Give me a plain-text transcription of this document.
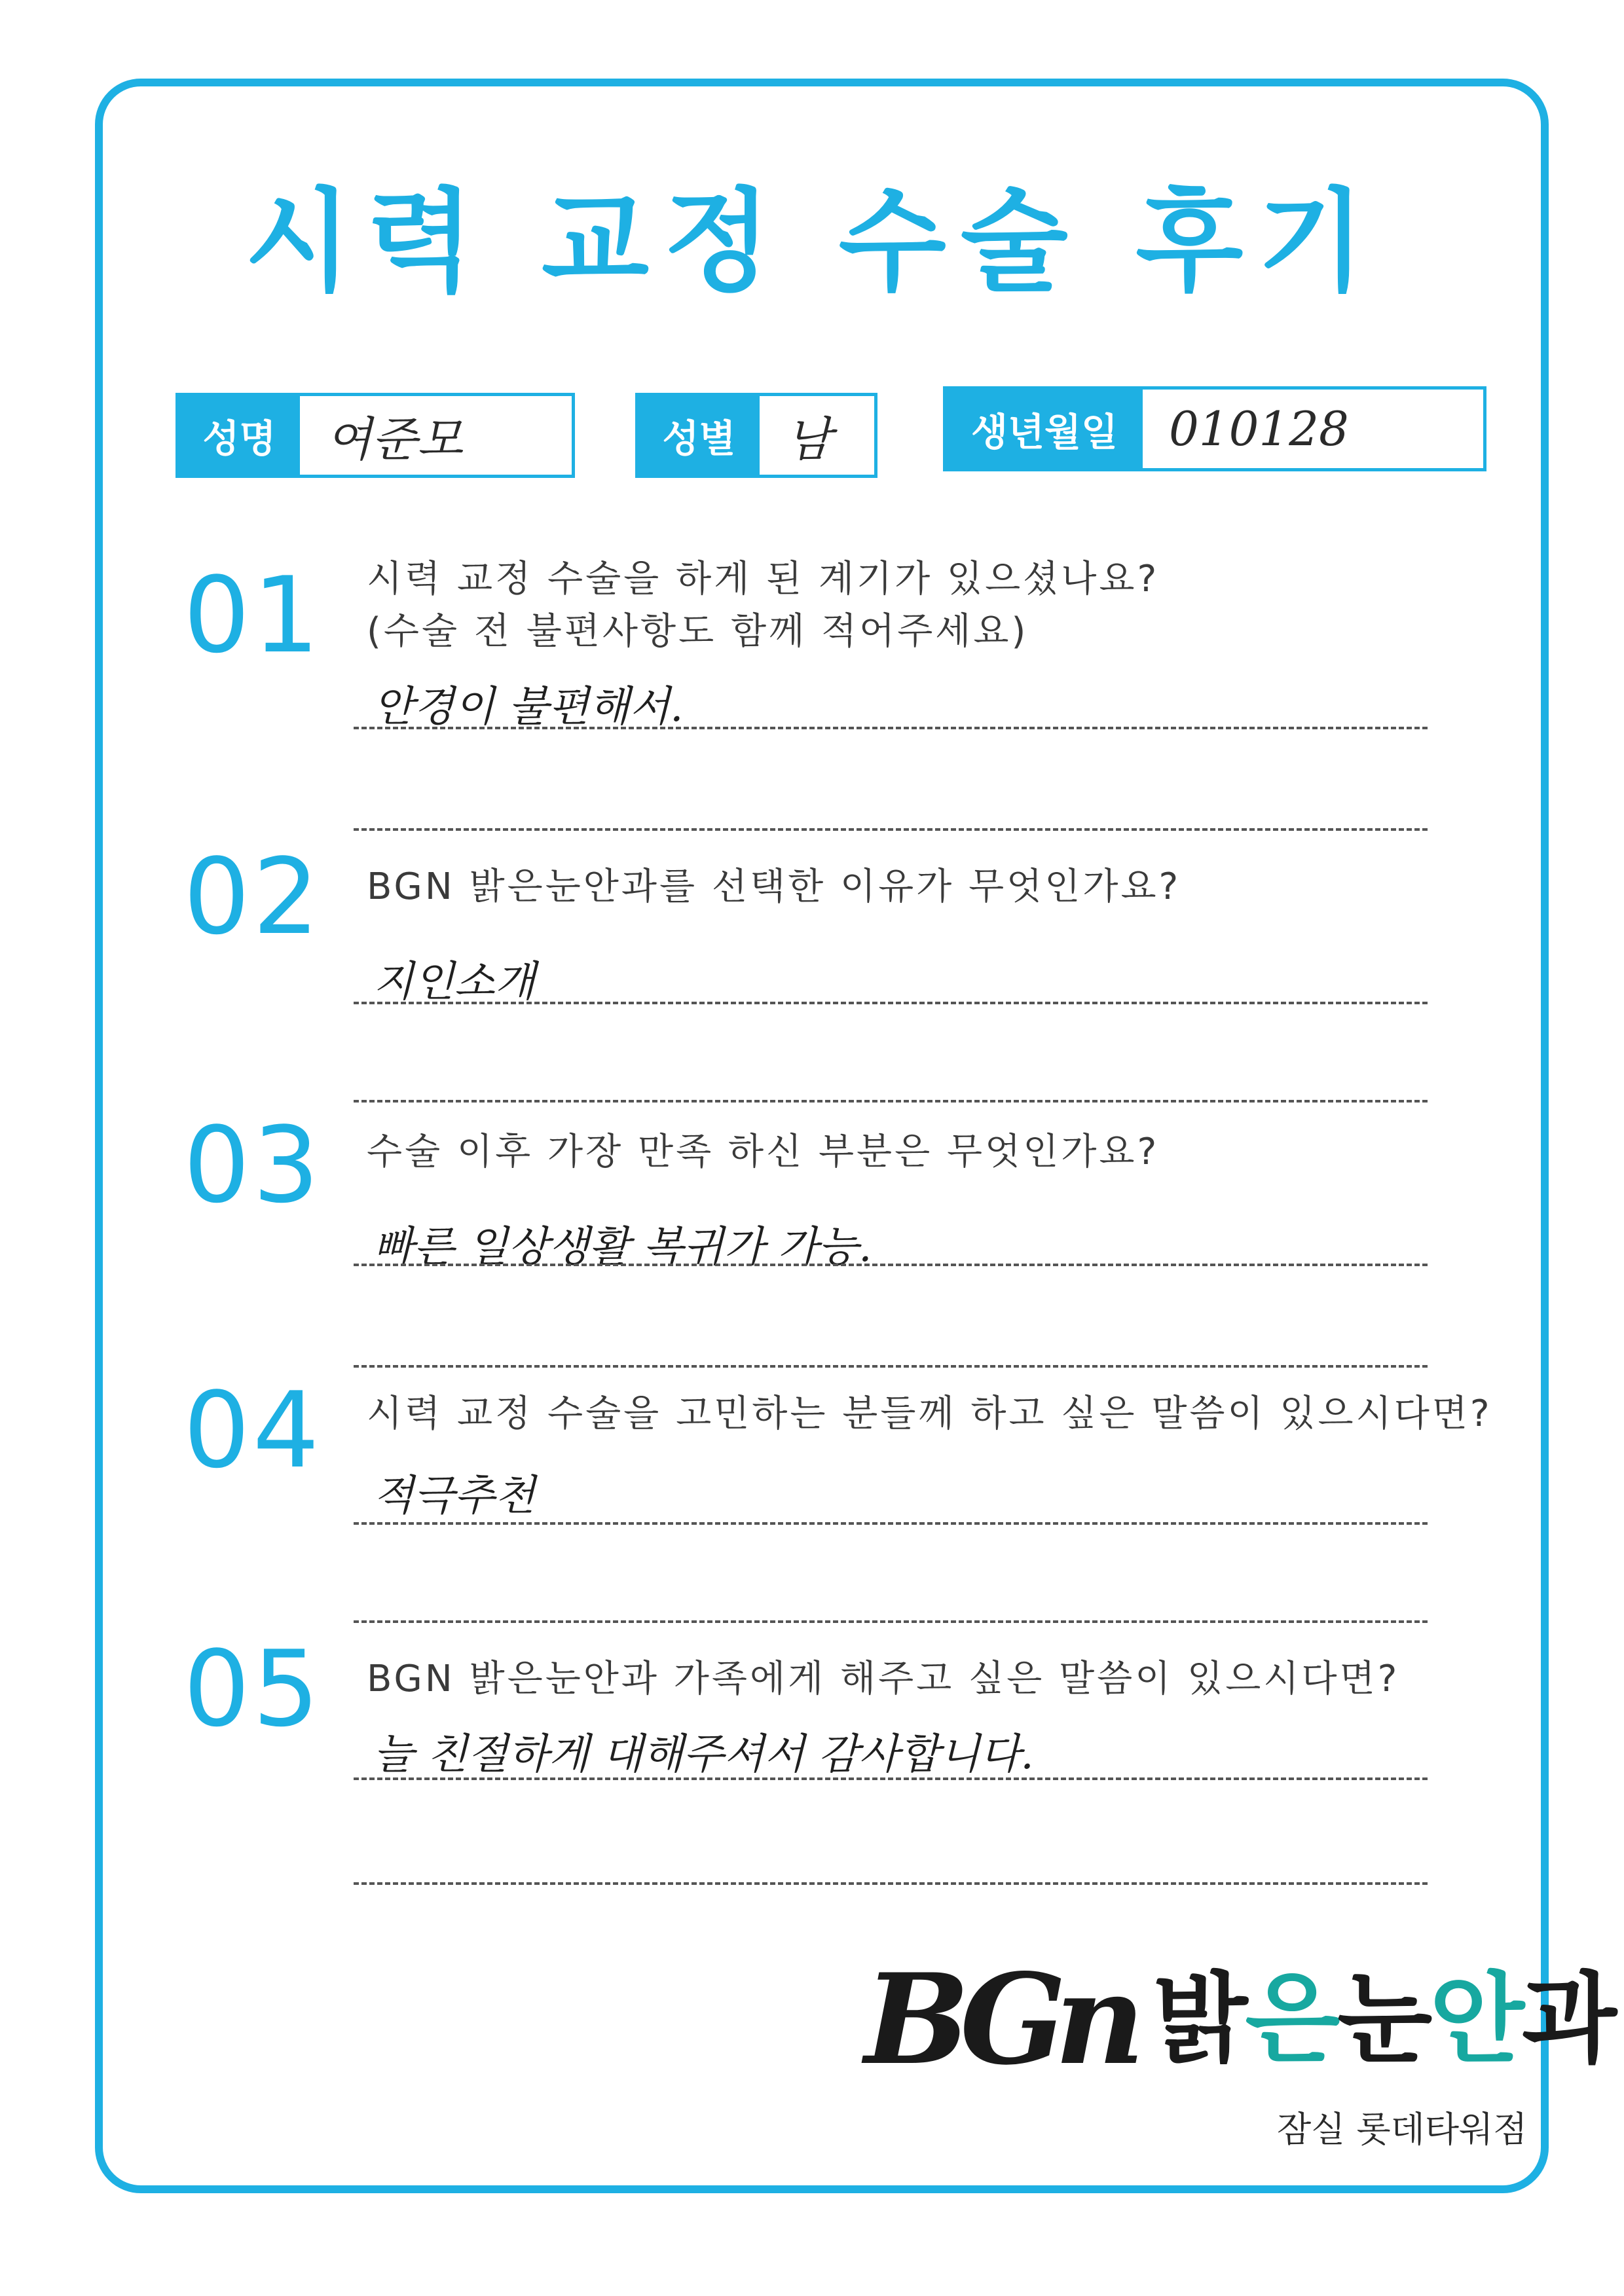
시력 교정 수술 후기
성명	여준모	성별	남	생년월일	010128
01 시력 교정 수술을 하게 된 계기가 있으셨나요?
(수술 전 불편사항도 함께 적어주세요)
안경이 불편해서.
02 BGN 밝은눈안과를 선택한 이유가 무엇인가요?
지인소개
03 수술 이후 가장 만족 하신 부분은 무엇인가요?
빠른 일상생활 복귀가 가능.
04 시력 교정 수술을 고민하는 분들께 하고 싶은 말씀이 있으시다면?
적극추천
05 BGN 밝은눈안과 가족에게 해주고 싶은 말씀이 있으시다면?
늘 친절하게 대해주셔서 감사합니다.
BGn 밝은눈안과
잠실 롯데타워점
